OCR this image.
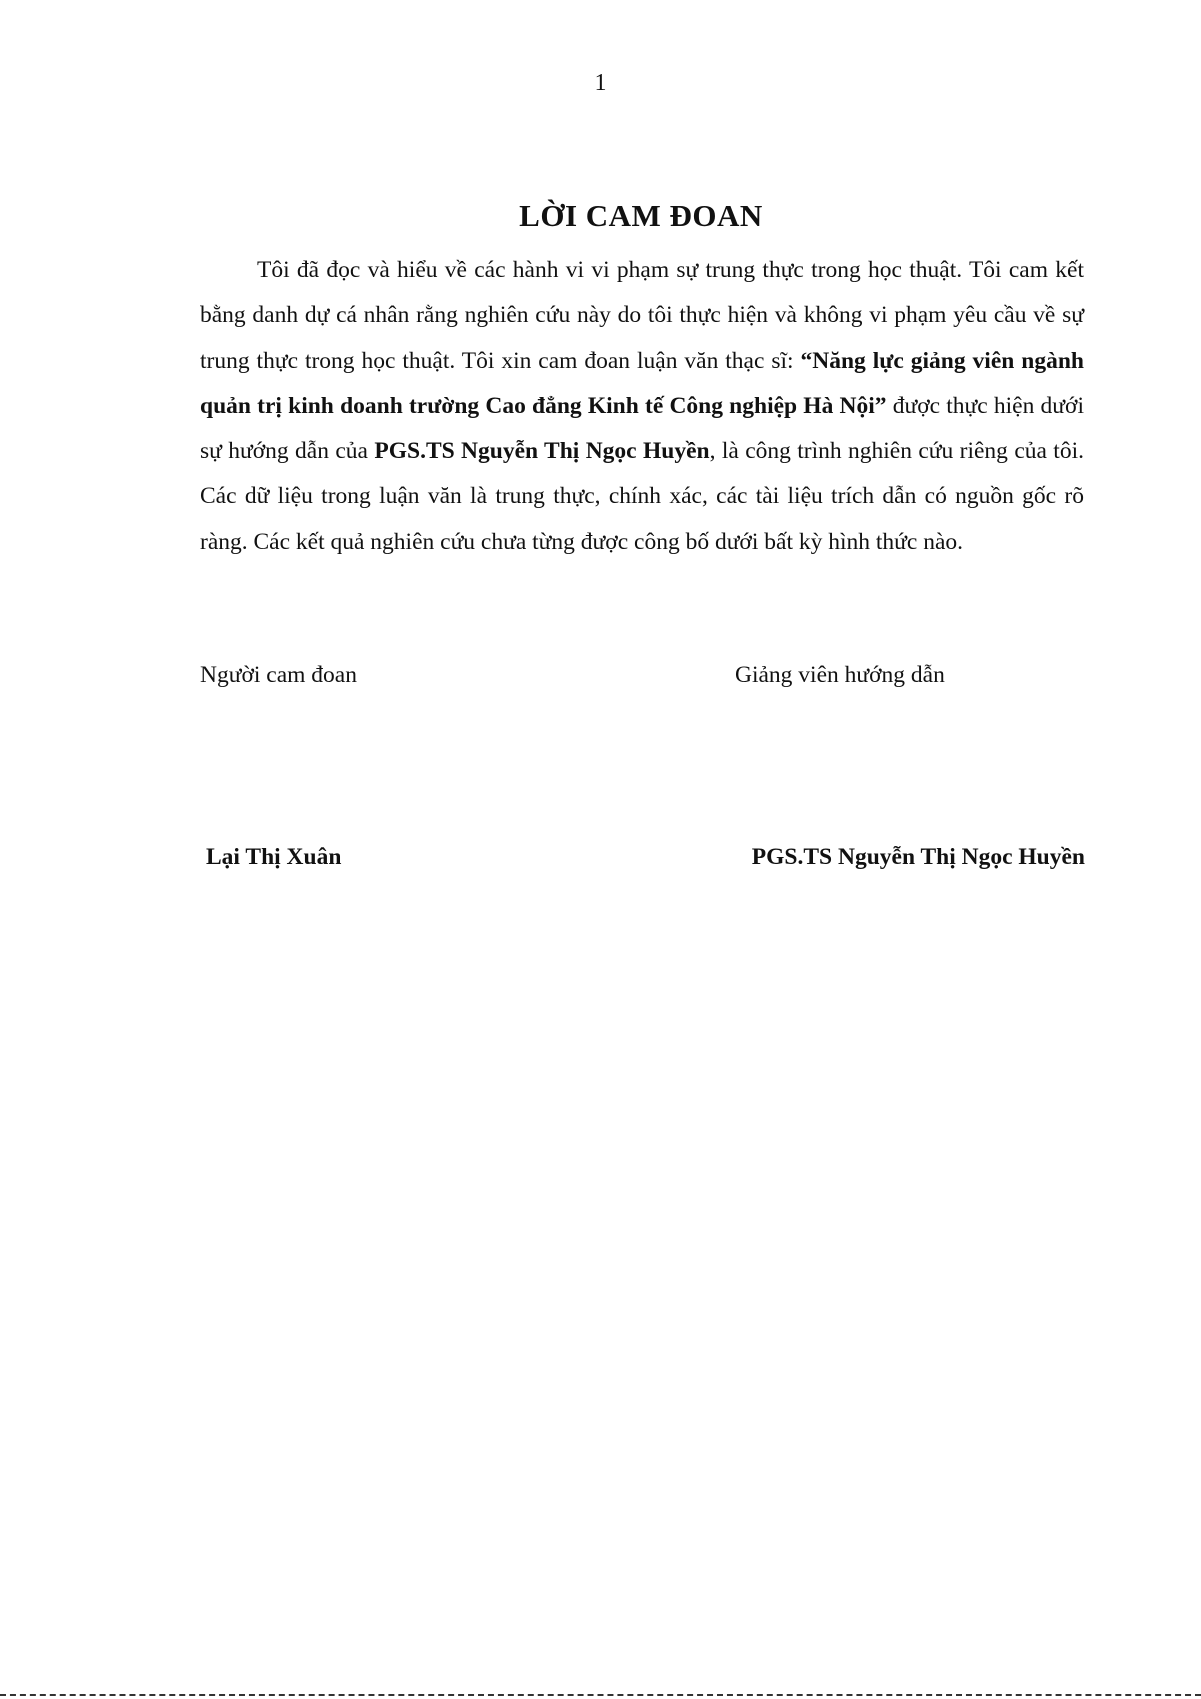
1
LỜI CAM ĐOAN

Tôi đã đọc và hiểu về các hành vi vi phạm sự trung thực trong học thuật. Tôi cam kết bằng danh dự cá nhân rằng nghiên cứu này do tôi thực hiện và không vi phạm yêu cầu về sự trung thực trong học thuật. Tôi xin cam đoan luận văn thạc sĩ: “Năng lực giảng viên ngành quản trị kinh doanh trường Cao đẳng Kinh tế Công nghiệp Hà Nội” được thực hiện dưới sự hướng dẫn của PGS.TS Nguyễn Thị Ngọc Huyền, là công trình nghiên cứu riêng của tôi. Các dữ liệu trong luận văn là trung thực, chính xác, các tài liệu trích dẫn có nguồn gốc rõ ràng. Các kết quả nghiên cứu chưa từng được công bố dưới bất kỳ hình thức nào.

Người cam đoan	Giảng viên hướng dẫn
Lại Thị Xuân	PGS.TS Nguyễn Thị Ngọc Huyền
